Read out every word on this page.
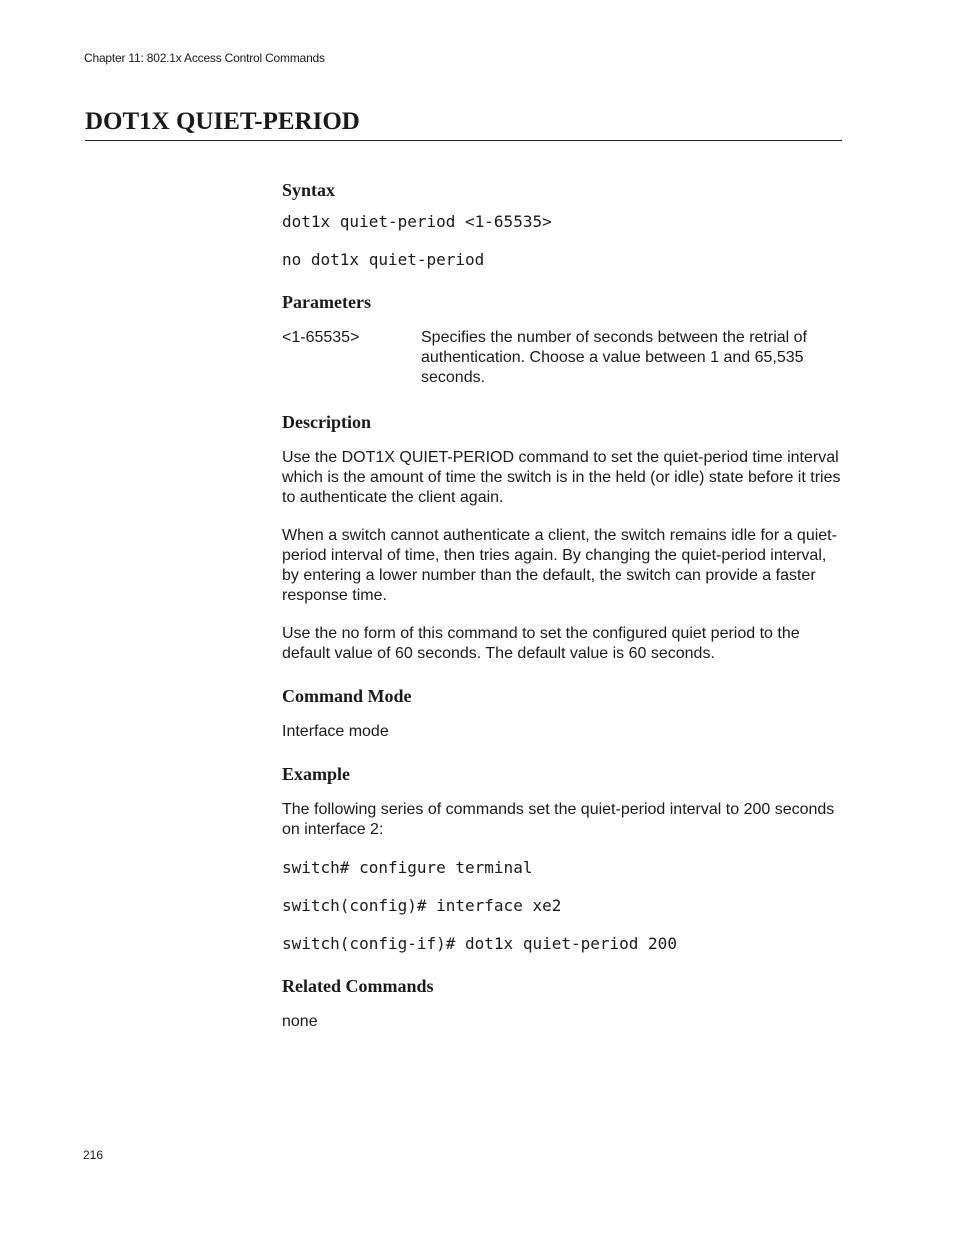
Chapter 11: 802.1x Access Control Commands
DOT1X QUIET-PERIOD
Syntax
dot1x quiet-period <1-65535>
no dot1x quiet-period
Parameters
<1-65535>	Specifies the number of seconds between the retrial of authentication. Choose a value between 1 and 65,535 seconds.
Description
Use the DOT1X QUIET-PERIOD command to set the quiet-period time interval which is the amount of time the switch is in the held (or idle) state before it tries to authenticate the client again.
When a switch cannot authenticate a client, the switch remains idle for a quiet-period interval of time, then tries again. By changing the quiet-period interval, by entering a lower number than the default, the switch can provide a faster response time.
Use the no form of this command to set the configured quiet period to the default value of 60 seconds. The default value is 60 seconds.
Command Mode
Interface mode
Example
The following series of commands set the quiet-period interval to 200 seconds on interface 2:
switch# configure terminal
switch(config)# interface xe2
switch(config-if)# dot1x quiet-period 200
Related Commands
none
216
